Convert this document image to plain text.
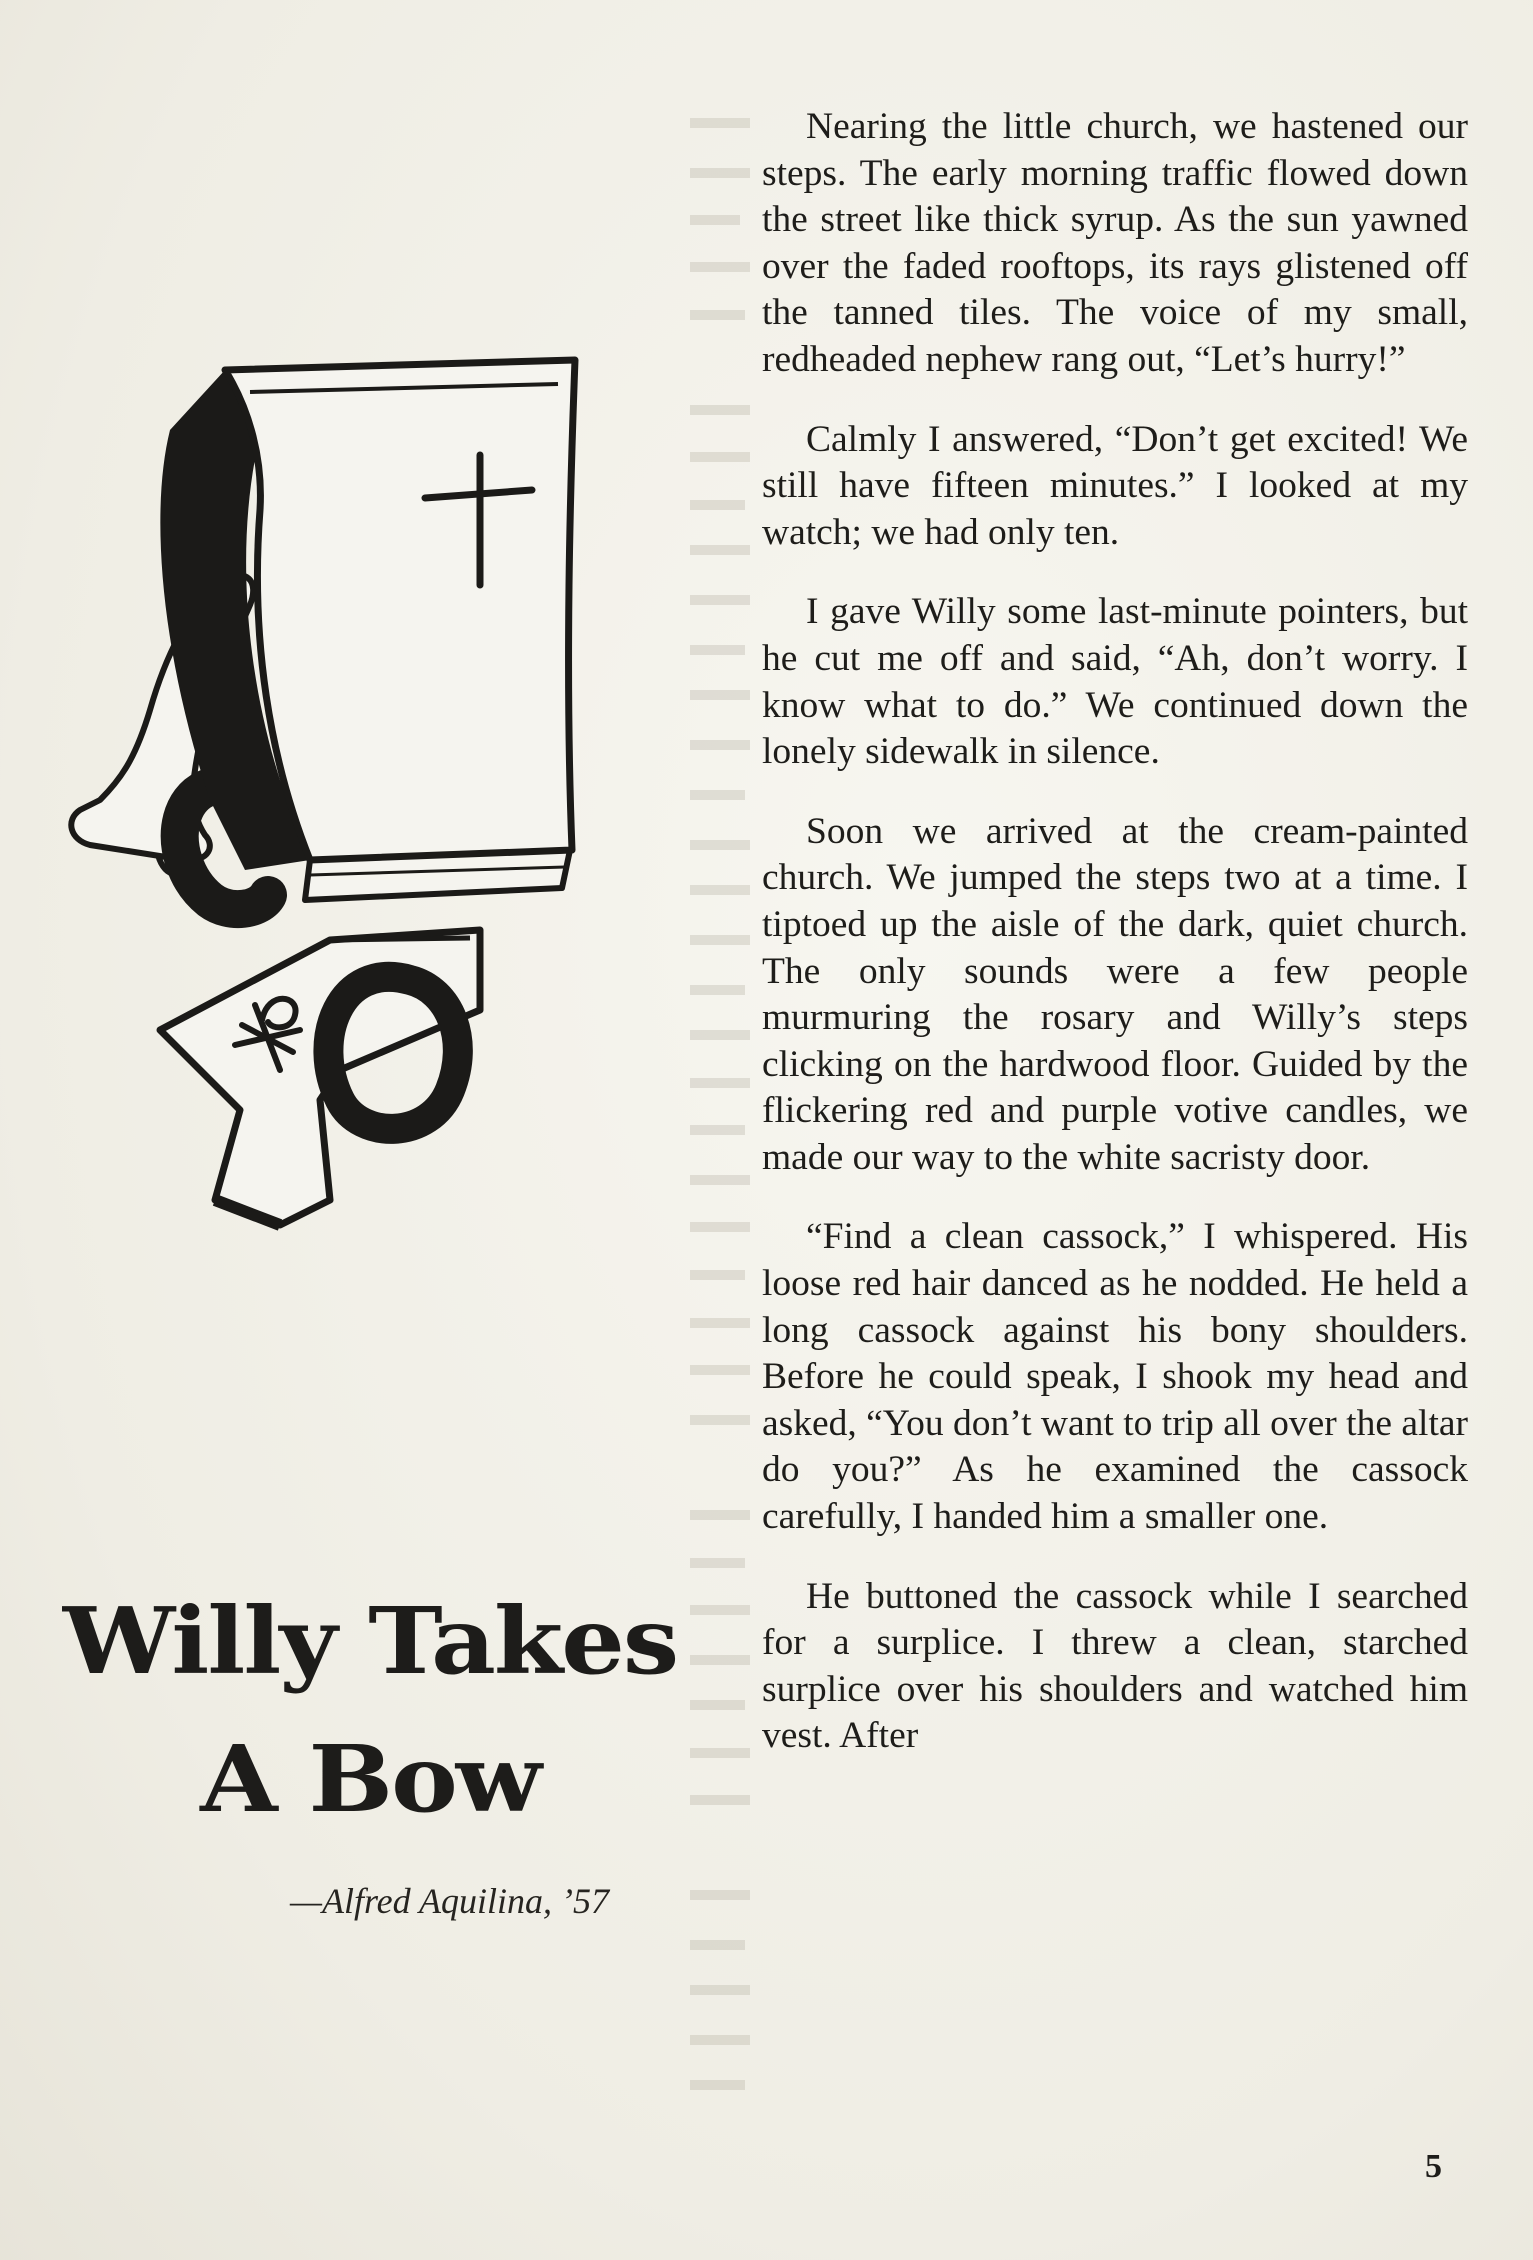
Willy Takes
A Bow
—Alfred Aquilina, ’57

Nearing the little church, we hastened our steps. The early morning traffic flowed down the street like thick syrup. As the sun yawned over the faded rooftops, its rays glistened off the tanned tiles. The voice of my small, redheaded nephew rang out, “Let’s hurry!”

Calmly I answered, “Don’t get excited! We still have fifteen minutes.” I looked at my watch; we had only ten.

I gave Willy some last-minute pointers, but he cut me off and said, “Ah, don’t worry. I know what to do.” We continued down the lonely sidewalk in silence.

Soon we arrived at the cream-painted church. We jumped the steps two at a time. I tiptoed up the aisle of the dark, quiet church. The only sounds were a few people murmuring the rosary and Willy’s steps clicking on the hardwood floor. Guided by the flickering red and purple votive candles, we made our way to the white sacristy door.

“Find a clean cassock,” I whispered. His loose red hair danced as he nodded. He held a long cassock against his bony shoulders. Before he could speak, I shook my head and asked, “You don’t want to trip all over the altar do you?” As he examined the cassock carefully, I handed him a smaller one.

He buttoned the cassock while I searched for a surplice. I threw a clean, starched surplice over his shoulders and watched him vest. After

5
